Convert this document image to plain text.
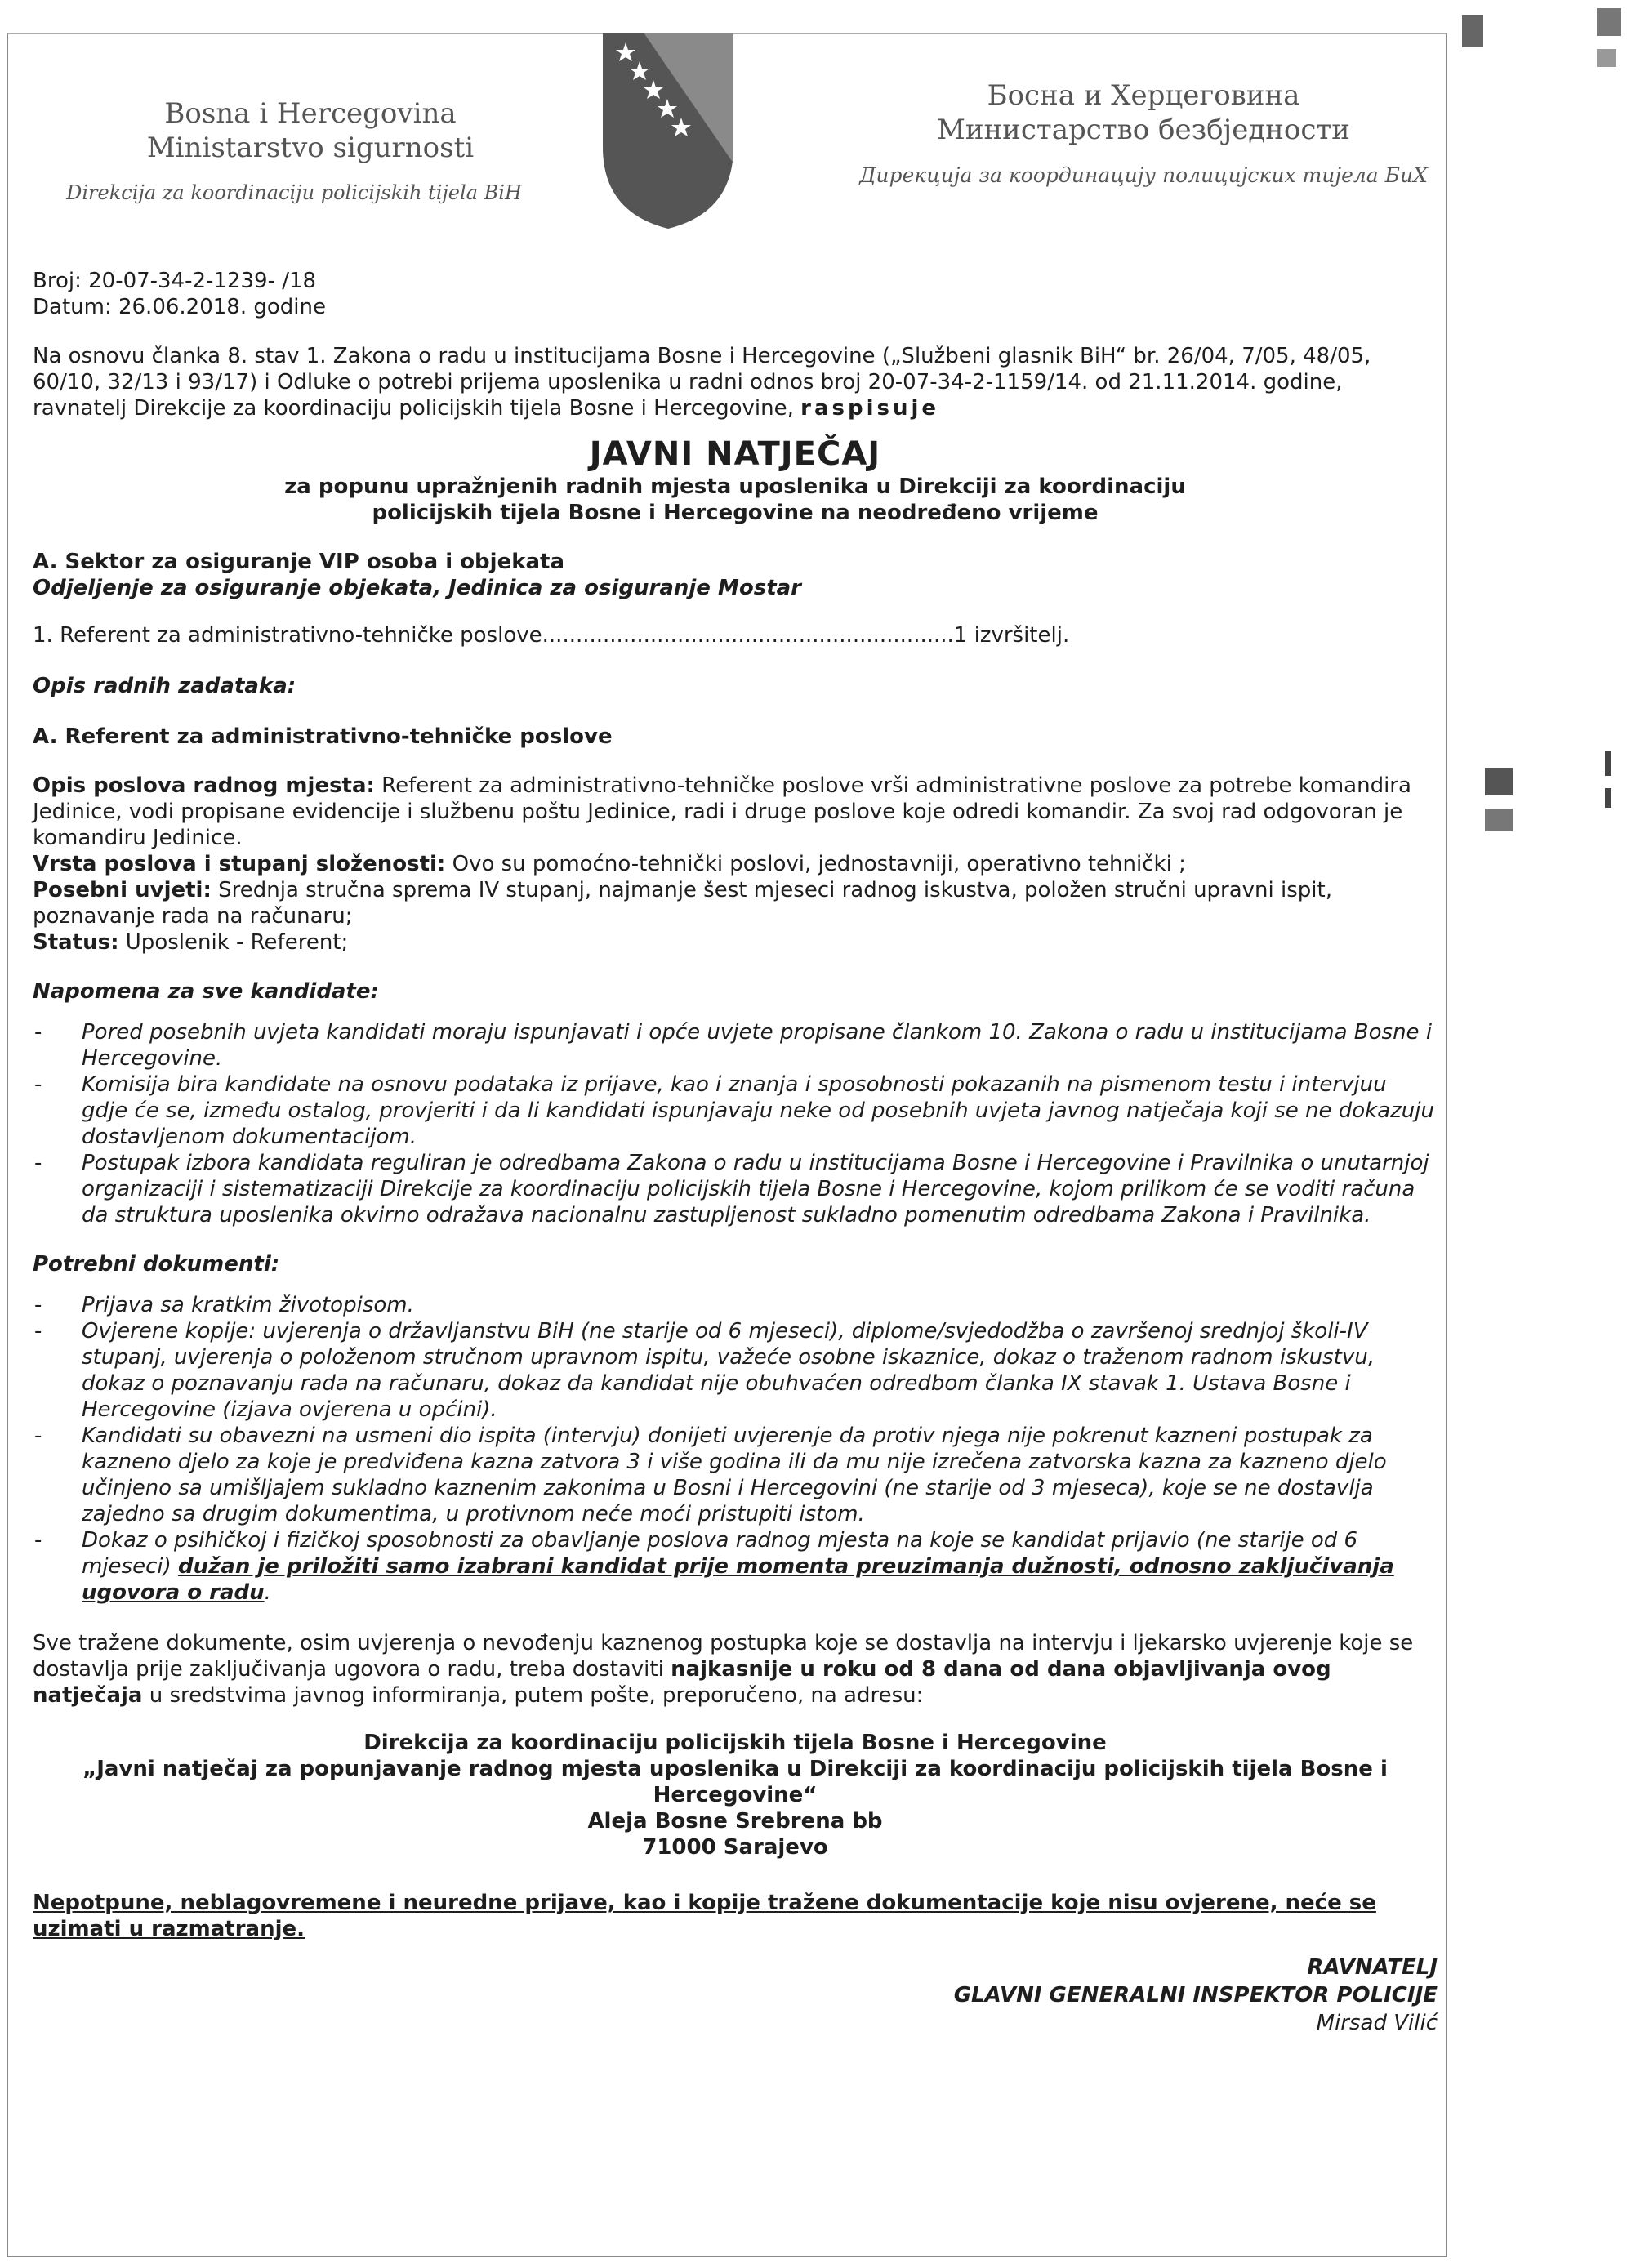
Bosna i Hercegovina
Ministarstvo sigurnosti
Direkcija za koordinaciju policijskih tijela BiH
Босна и Херцеговина
Министарство безбједности
Дирекција за координацију полицијских тијела БиХ

Broj: 20-07-34-2-1239- /18

Datum: 26.06.2018. godine

Na osnovu članka 8. stav 1. Zakona o radu u institucijama Bosne i Hercegovine („Službeni glasnik BiH“ br. 26/04, 7/05, 48/05, 60/10, 32/13 i 93/17) i Odluke o potrebi prijema uposlenika u radni odnos broj 20-07-34-2-1159/14. od 21.11.2014. godine, ravnatelj Direkcije za koordinaciju policijskih tijela Bosne i Hercegovine, raspisuje

JAVNI NATJEČAJ

za popunu upražnjenih radnih mjesta uposlenika u Direkciji za koordinaciju

policijskih tijela Bosne i Hercegovine na neodređeno vrijeme

A. Sektor za osiguranje VIP osoba i objekata

Odjeljenje za osiguranje objekata, Jedinica za osiguranje Mostar

1. Referent za administrativno-tehničke poslove.............................................................1 izvršitelj.

Opis radnih zadataka:

A. Referent za administrativno-tehničke poslove

Opis poslova radnog mjesta: Referent za administrativno-tehničke poslove vrši administrativne poslove za potrebe komandira Jedinice, vodi propisane evidencije i službenu poštu Jedinice, radi i druge poslove koje odredi komandir. Za svoj rad odgovoran je komandiru Jedinice.

Vrsta poslova i stupanj složenosti: Ovo su pomoćno-tehnički poslovi, jednostavniji, operativno tehnički ;

Posebni uvjeti: Srednja stručna sprema IV stupanj, najmanje šest mjeseci radnog iskustva, položen stručni upravni ispit, poznavanje rada na računaru;

Status: Uposlenik - Referent;

Napomena za sve kandidate:

- Pored posebnih uvjeta kandidati moraju ispunjavati i opće uvjete propisane člankom 10. Zakona o radu u institucijama Bosne i Hercegovine.
- Komisija bira kandidate na osnovu podataka iz prijave, kao i znanja i sposobnosti pokazanih na pismenom testu i intervjuu gdje će se, između ostalog, provjeriti i da li kandidati ispunjavaju neke od posebnih uvjeta javnog natječaja koji se ne dokazuju dostavljenom dokumentacijom.
- Postupak izbora kandidata reguliran je odredbama Zakona o radu u institucijama Bosne i Hercegovine i Pravilnika o unutarnjoj organizaciji i sistematizaciji Direkcije za koordinaciju policijskih tijela Bosne i Hercegovine, kojom prilikom će se voditi računa da struktura uposlenika okvirno odražava nacionalnu zastupljenost sukladno pomenutim odredbama Zakona i Pravilnika.

Potrebni dokumenti:

- Prijava sa kratkim životopisom.
- Ovjerene kopije: uvjerenja o državljanstvu BiH (ne starije od 6 mjeseci), diplome/svjedodžba o završenoj srednjoj školi-IV stupanj, uvjerenja o položenom stručnom upravnom ispitu, važeće osobne iskaznice, dokaz o traženom radnom iskustvu, dokaz o poznavanju rada na računaru, dokaz da kandidat nije obuhvaćen odredbom članka IX stavak 1. Ustava Bosne i Hercegovine (izjava ovjerena u općini).
- Kandidati su obavezni na usmeni dio ispita (intervju) donijeti uvjerenje da protiv njega nije pokrenut kazneni postupak za kazneno djelo za koje je predviđena kazna zatvora 3 i više godina ili da mu nije izrečena zatvorska kazna za kazneno djelo učinjeno sa umišljajem sukladno kaznenim zakonima u Bosni i Hercegovini (ne starije od 3 mjeseca), koje se ne dostavlja zajedno sa drugim dokumentima, u protivnom neće moći pristupiti istom.
- Dokaz o psihičkoj i fizičkoj sposobnosti za obavljanje poslova radnog mjesta na koje se kandidat prijavio (ne starije od 6 mjeseci) dužan je priložiti samo izabrani kandidat prije momenta preuzimanja dužnosti, odnosno zaključivanja ugovora o radu.

Sve tražene dokumente, osim uvjerenja o nevođenju kaznenog postupka koje se dostavlja na intervju i ljekarsko uvjerenje koje se dostavlja prije zaključivanja ugovora o radu, treba dostaviti najkasnije u roku od 8 dana od dana objavljivanja ovog natječaja u sredstvima javnog informiranja, putem pošte, preporučeno, na adresu:

Direkcija za koordinaciju policijskih tijela Bosne i Hercegovine

„Javni natječaj za popunjavanje radnog mjesta uposlenika u Direkciji za koordinaciju policijskih tijela Bosne i Hercegovine“

Aleja Bosne Srebrena bb

71000 Sarajevo

Nepotpune, neblagovremene i neuredne prijave, kao i kopije tražene dokumentacije koje nisu ovjerene, neće se uzimati u razmatranje.

RAVNATELJ
GLAVNI GENERALNI INSPEKTOR POLICIJE
Mirsad Vilić
